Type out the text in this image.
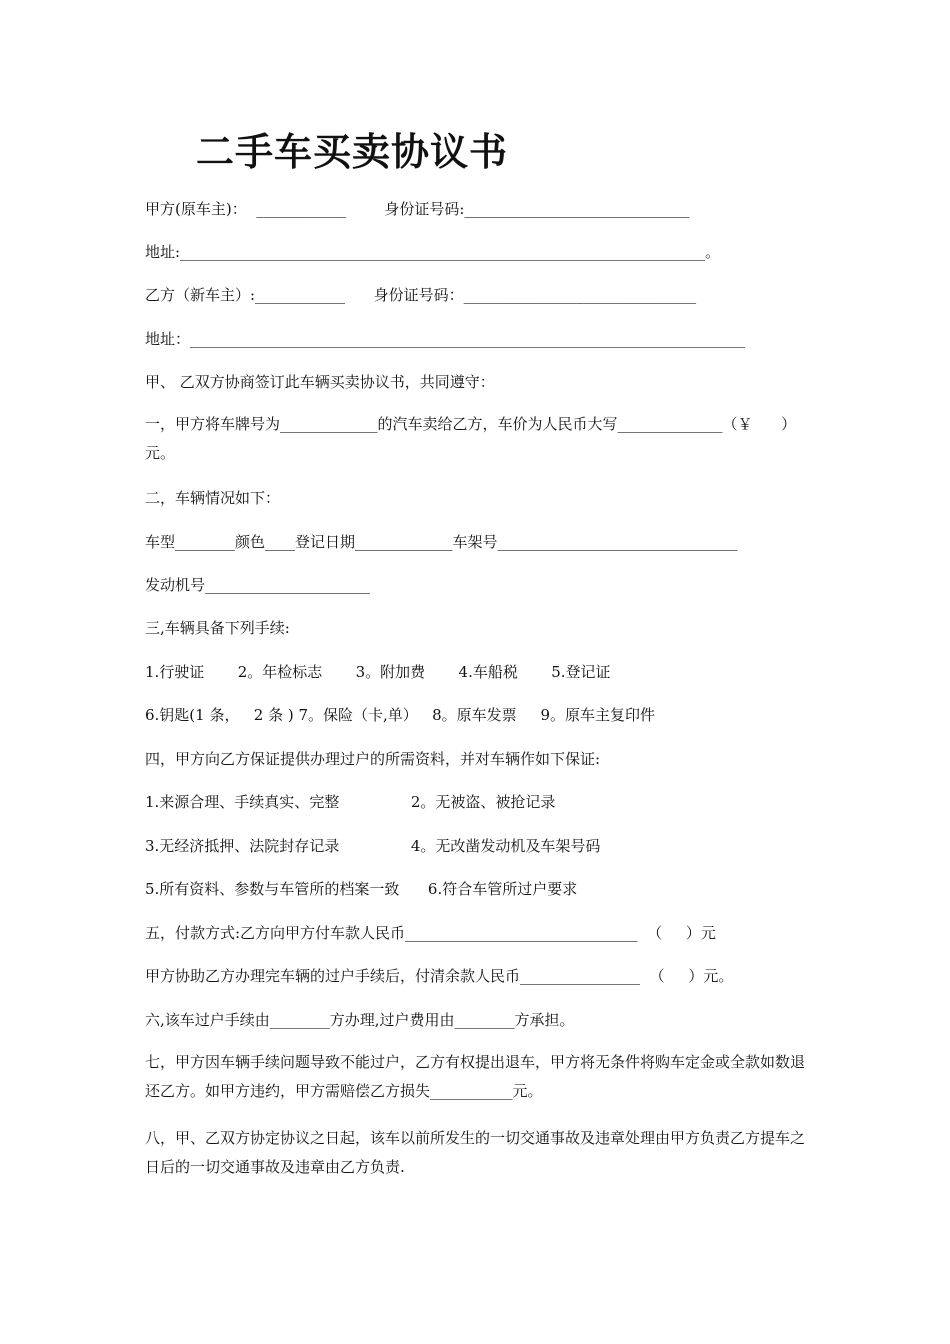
二手车买卖协议书
甲方(原车主)：  ____________        身份证号码:______________________________
地址:______________________________________________________________________。
乙方（新车主）:____________      身份证号码：_______________________________
地址：__________________________________________________________________________
甲、 乙双方协商签订此车辆买卖协议书，共同遵守：
一，甲方将车牌号为_____________的汽车卖给乙方，车价为人民币大写______________（￥      ）元。
二，车辆情况如下：
车型________颜色____登记日期_____________车架号________________________________
发动机号______________________
三,车辆具备下列手续:
1.行驶证       2。年检标志       3。附加费       4.车船税       5.登记证
6.钥匙(1 条，   2 条 ) 7。保险（卡,单）   8。原车发票     9。原车主复印件
四，甲方向乙方保证提供办理过户的所需资料，并对车辆作如下保证:
1.来源合理、手续真实、完整               2。无被盗、被抢记录
3.无经济抵押、法院封存记录               4。无改凿发动机及车架号码
5.所有资料、参数与车管所的档案一致      6.符合车管所过户要求
五，付款方式:乙方向甲方付车款人民币_______________________________  （     ）元
甲方协助乙方办理完车辆的过户手续后，付清余款人民币________________  （     ）元。
六,该车过户手续由________方办理,过户费用由________方承担。
七，甲方因车辆手续问题导致不能过户，乙方有权提出退车，甲方将无条件将购车定金或全款如数退还乙方。如甲方违约，甲方需赔偿乙方损失___________元。
八，甲、乙双方协定协议之日起，该车以前所发生的一切交通事故及违章处理由甲方负责乙方提车之日后的一切交通事故及违章由乙方负责.
